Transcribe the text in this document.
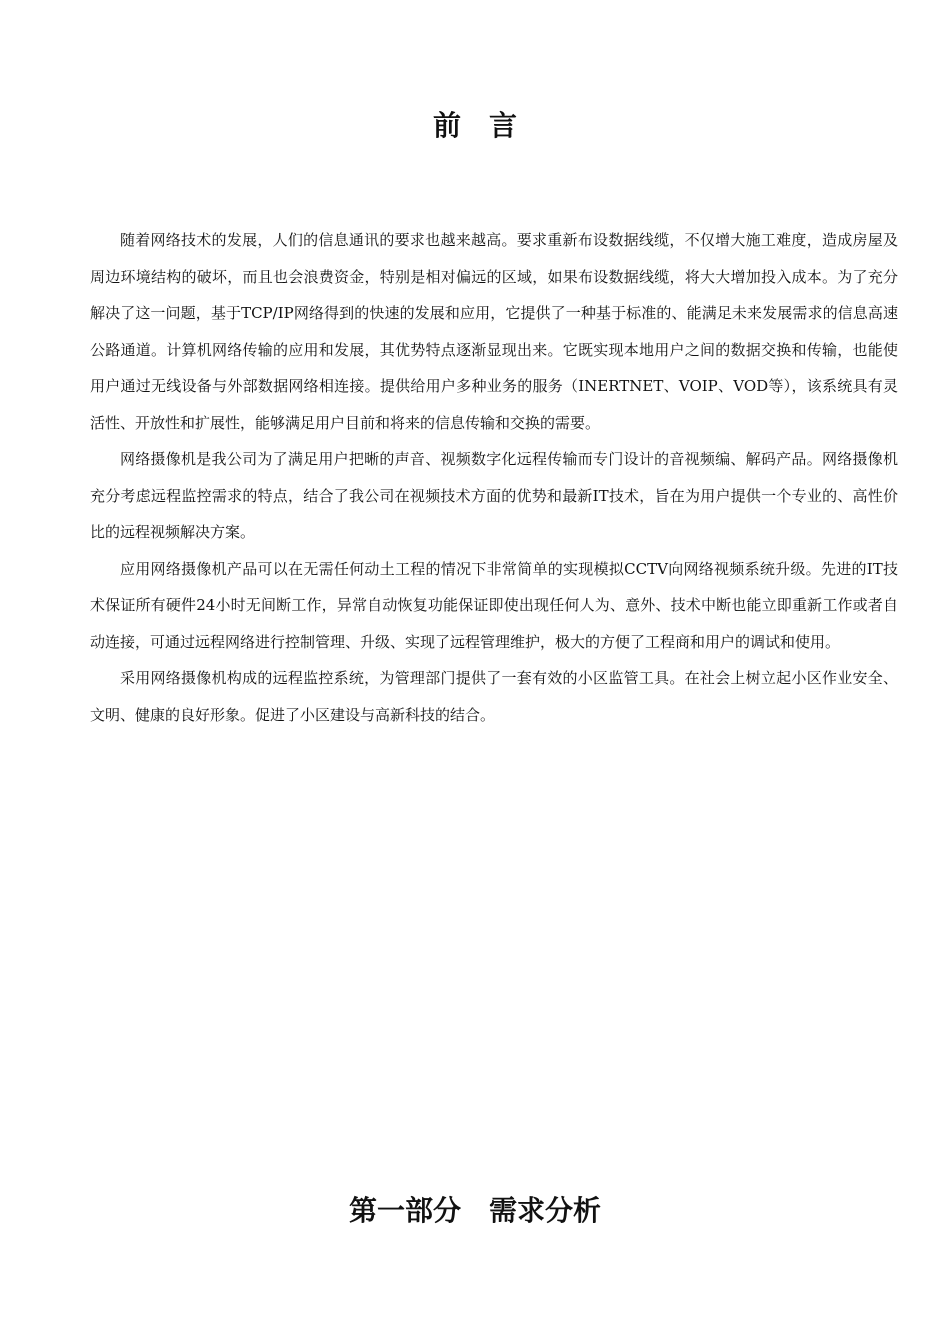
前　言

随着网络技术的发展，人们的信息通讯的要求也越来越高。要求重新布设数据线缆，不仅增大施工难度，造成房屋及周边环境结构的破坏，而且也会浪费资金，特别是相对偏远的区域，如果布设数据线缆，将大大增加投入成本。为了充分解决了这一问题，基于TCP/IP网络得到的快速的发展和应用，它提供了一种基于标准的、能满足未来发展需求的信息高速公路通道。计算机网络传输的应用和发展，其优势特点逐渐显现出来。它既实现本地用户之间的数据交换和传输，也能使用户通过无线设备与外部数据网络相连接。提供给用户多种业务的服务（INERTNET、VOIP、VOD等），该系统具有灵活性、开放性和扩展性，能够满足用户目前和将来的信息传输和交换的需要。

网络摄像机是我公司为了满足用户把晰的声音、视频数字化远程传输而专门设计的音视频编、解码产品。网络摄像机充分考虑远程监控需求的特点，结合了我公司在视频技术方面的优势和最新IT技术，旨在为用户提供一个专业的、高性价比的远程视频解决方案。

应用网络摄像机产品可以在无需任何动土工程的情况下非常简单的实现模拟CCTV向网络视频系统升级。先进的IT技术保证所有硬件24小时无间断工作，异常自动恢复功能保证即使出现任何人为、意外、技术中断也能立即重新工作或者自动连接，可通过远程网络进行控制管理、升级、实现了远程管理维护，极大的方便了工程商和用户的调试和使用。

采用网络摄像机构成的远程监控系统，为管理部门提供了一套有效的小区监管工具。在社会上树立起小区作业安全、文明、健康的良好形象。促进了小区建设与高新科技的结合。

第一部分　需求分析
